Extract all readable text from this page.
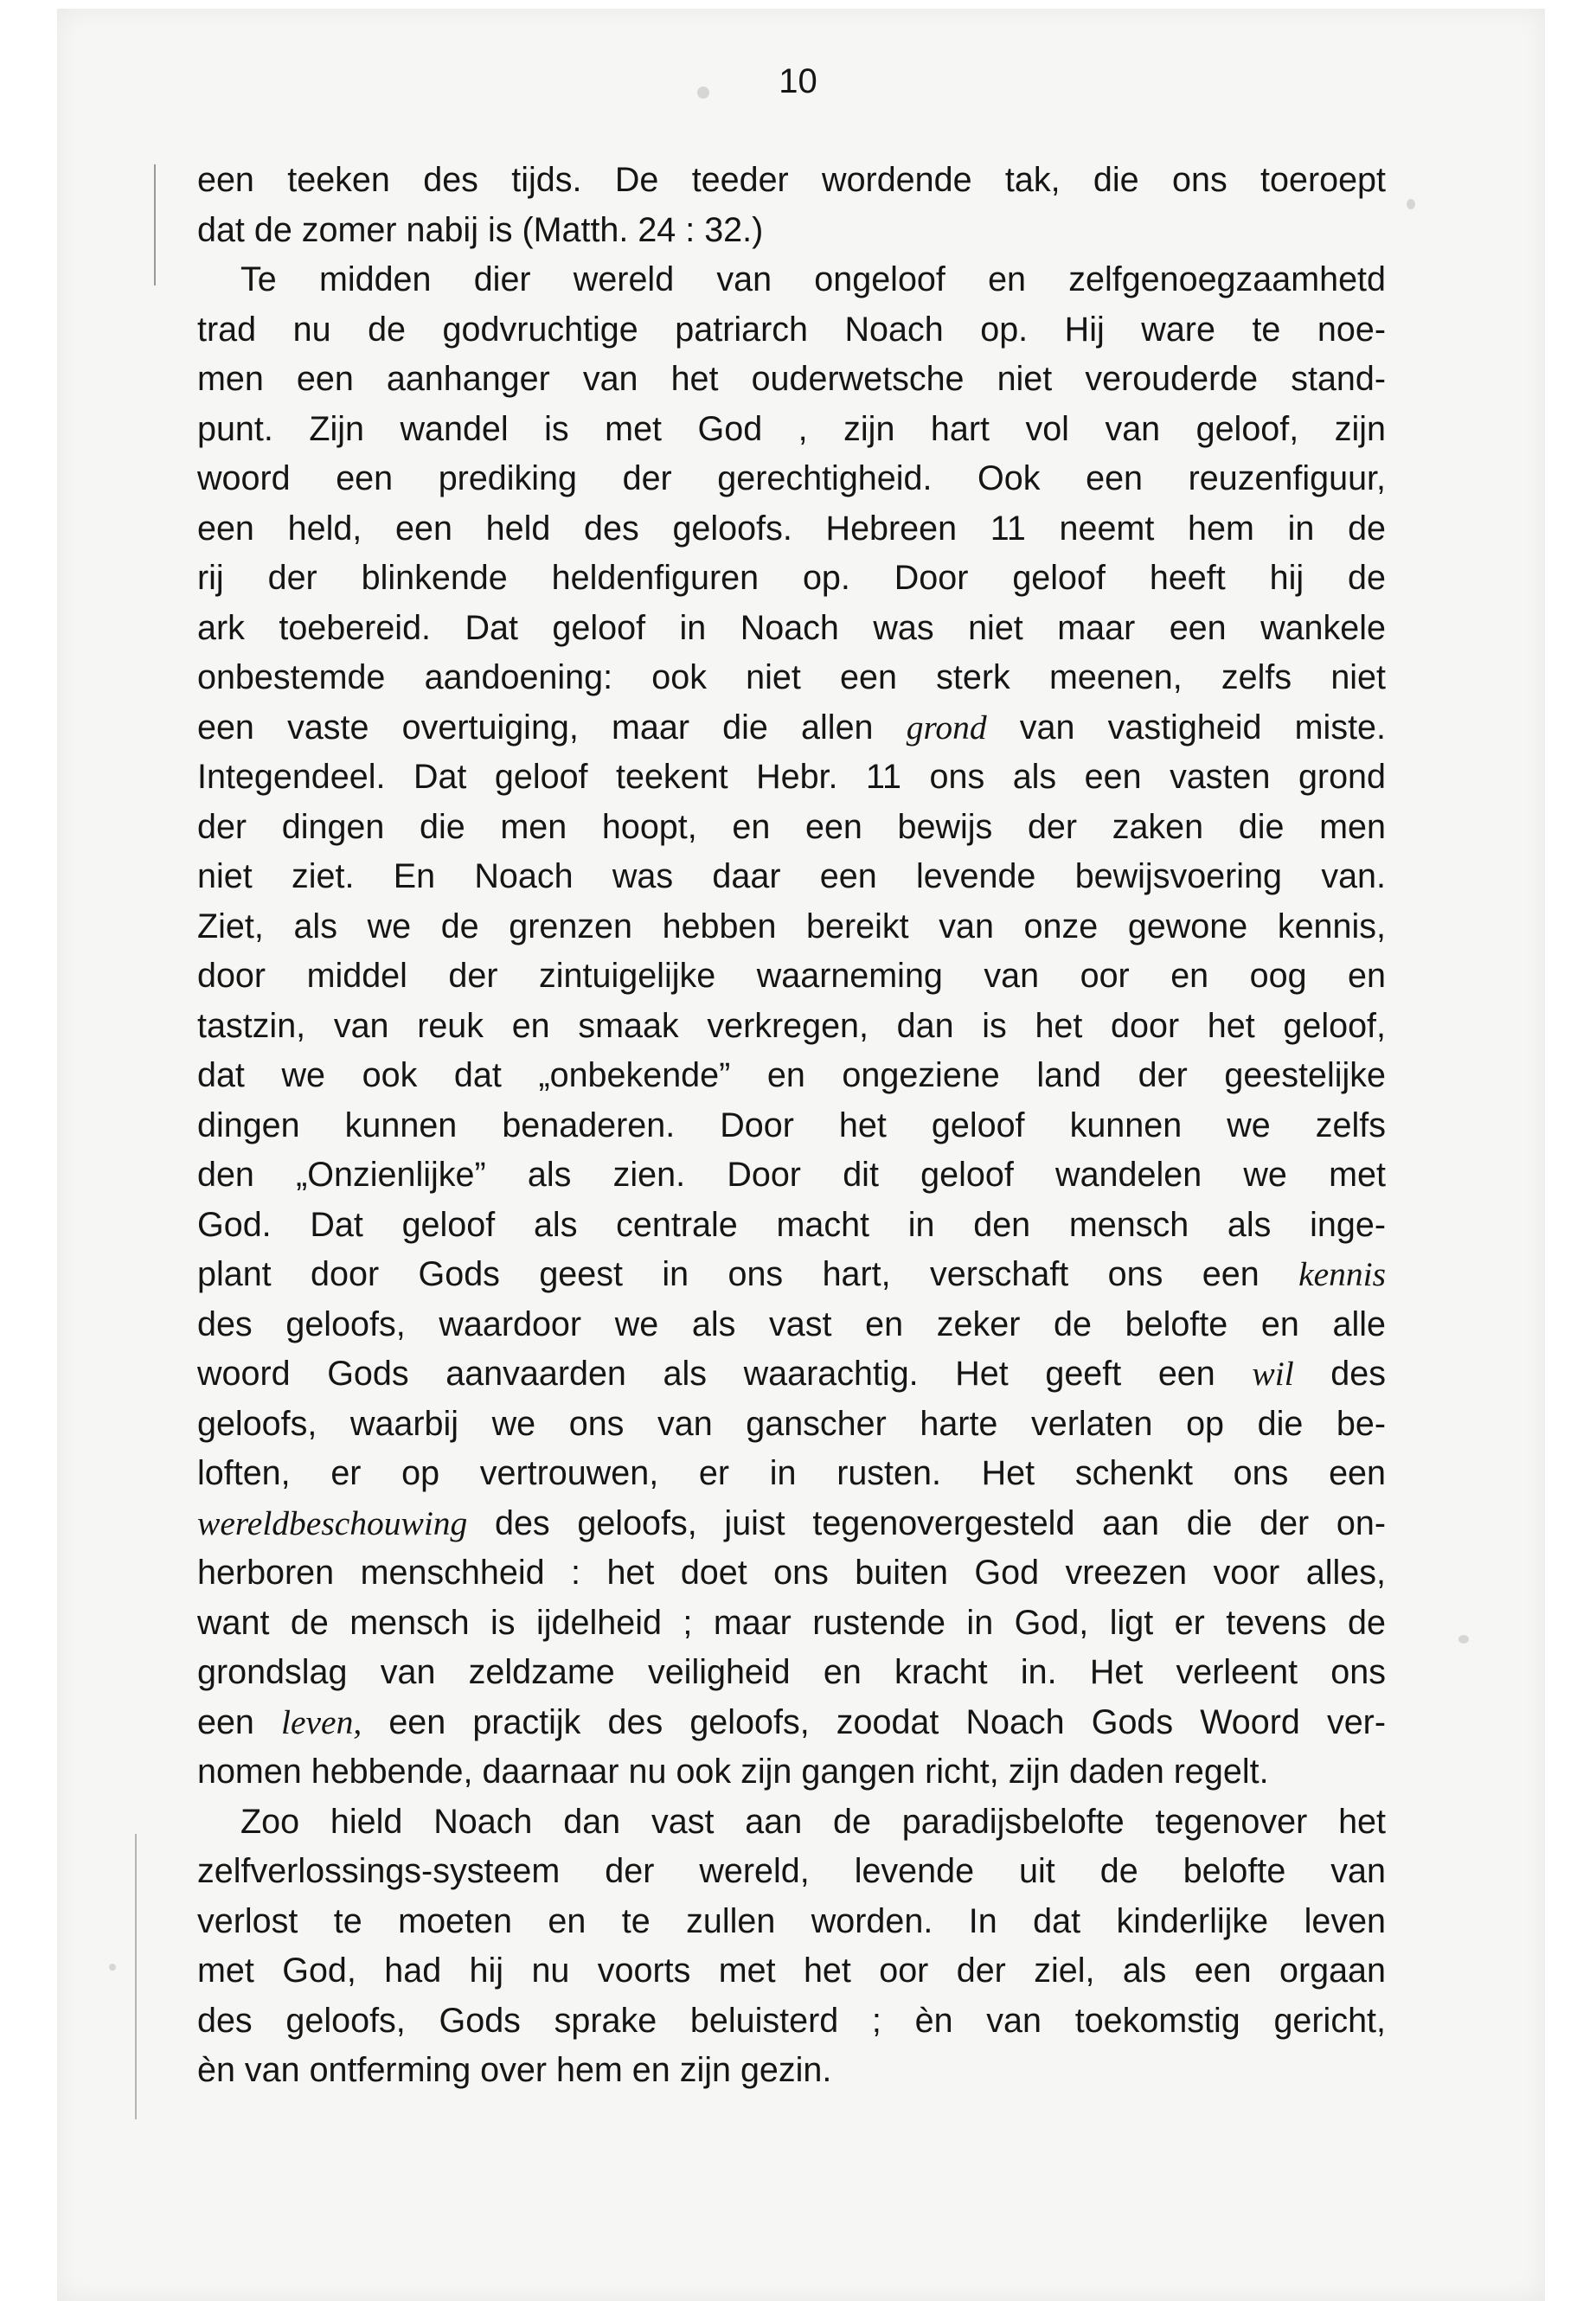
10
een teeken des tijds. De teeder wordende tak, die ons toeroept
dat de zomer nabij is (Matth. 24 : 32.)
Te midden dier wereld van ongeloof en zelfgenoegzaamhetd
trad nu de godvruchtige patriarch Noach op. Hij ware te noe-
men een aanhanger van het ouderwetsche niet verouderde stand-
punt. Zijn wandel is met God , zijn hart vol van geloof, zijn
woord een prediking der gerechtigheid. Ook een reuzenfiguur,
een held, een held des geloofs. Hebreen 11 neemt hem in de
rij der blinkende heldenfiguren op. Door geloof heeft hij de
ark toebereid. Dat geloof in Noach was niet maar een wankele
onbestemde aandoening: ook niet een sterk meenen, zelfs niet
een vaste overtuiging, maar die allen grond van vastigheid miste.
Integendeel. Dat geloof teekent Hebr. 11 ons als een vasten grond
der dingen die men hoopt, en een bewijs der zaken die men
niet ziet. En Noach was daar een levende bewijsvoering van.
Ziet, als we de grenzen hebben bereikt van onze gewone kennis,
door middel der zintuigelijke waarneming van oor en oog en
tastzin, van reuk en smaak verkregen, dan is het door het geloof,
dat we ook dat „onbekende” en ongeziene land der geestelijke
dingen kunnen benaderen. Door het geloof kunnen we zelfs
den „Onzienlijke” als zien. Door dit geloof wandelen we met
God. Dat geloof als centrale macht in den mensch als inge-
plant door Gods geest in ons hart, verschaft ons een kennis
des geloofs, waardoor we als vast en zeker de belofte en alle
woord Gods aanvaarden als waarachtig. Het geeft een wil des
geloofs, waarbij we ons van ganscher harte verlaten op die be-
loften, er op vertrouwen, er in rusten. Het schenkt ons een
wereldbeschouwing des geloofs, juist tegenovergesteld aan die der on-
herboren menschheid : het doet ons buiten God vreezen voor alles,
want de mensch is ijdelheid ; maar rustende in God, ligt er tevens de
grondslag van zeldzame veiligheid en kracht in. Het verleent ons
een leven, een practijk des geloofs, zoodat Noach Gods Woord ver-
nomen hebbende, daarnaar nu ook zijn gangen richt, zijn daden regelt.
Zoo hield Noach dan vast aan de paradijsbelofte tegenover het
zelfverlossings-systeem der wereld, levende uit de belofte van
verlost te moeten en te zullen worden. In dat kinderlijke leven
met God, had hij nu voorts met het oor der ziel, als een orgaan
des geloofs, Gods sprake beluisterd ; èn van toekomstig gericht,
èn van ontferming over hem en zijn gezin.
